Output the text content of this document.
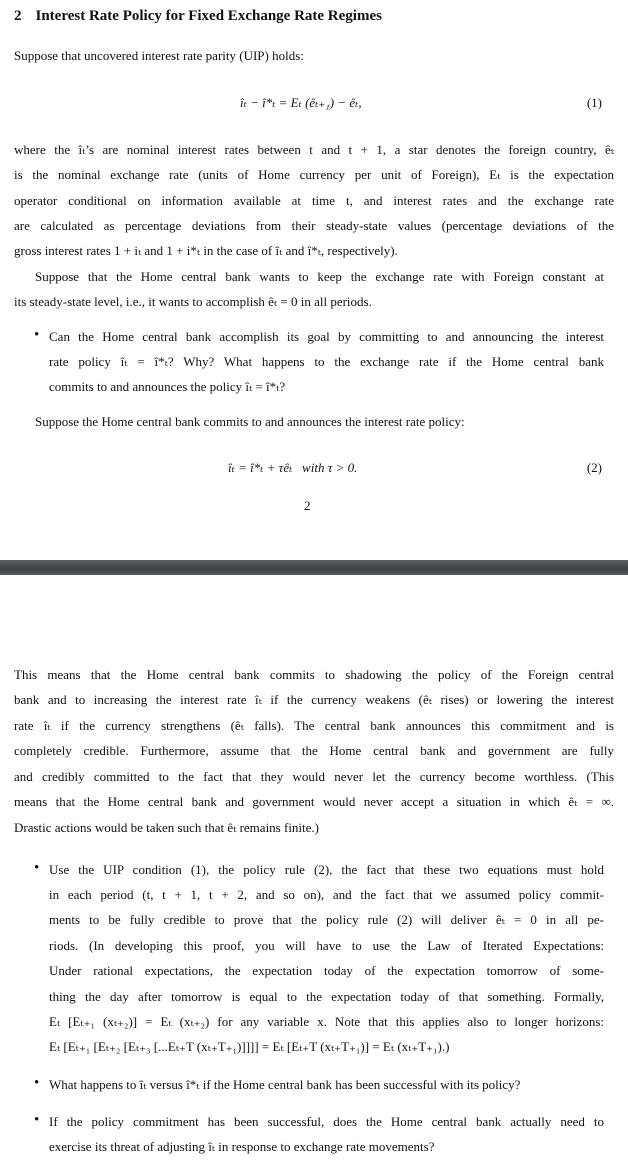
2 Interest Rate Policy for Fixed Exchange Rate Regimes
Suppose that uncovered interest rate parity (UIP) holds:
îₜ − î*ₜ = Eₜ (êₜ₊₁) − êₜ,	(1)
where the îₜ’s are nominal interest rates between t and t + 1, a star denotes the foreign country, êₜ
is the nominal exchange rate (units of Home currency per unit of Foreign), Eₜ is the expectation
operator conditional on information available at time t, and interest rates and the exchange rate
are calculated as percentage deviations from their steady-state values (percentage deviations of the
gross interest rates 1 + iₜ and 1 + i*ₜ in the case of îₜ and î*ₜ, respectively).
Suppose that the Home central bank wants to keep the exchange rate with Foreign constant at
its steady-state level, i.e., it wants to accomplish êₜ = 0 in all periods.
• Can the Home central bank accomplish its goal by committing to and announcing the interest
rate policy îₜ = î*ₜ? Why? What happens to the exchange rate if the Home central bank
commits to and announces the policy îₜ = î*ₜ?
Suppose the Home central bank commits to and announces the interest rate policy:
îₜ = î*ₜ + τêₜ   with τ > 0.	(2)
2
This means that the Home central bank commits to shadowing the policy of the Foreign central
bank and to increasing the interest rate îₜ if the currency weakens (êₜ rises) or lowering the interest
rate îₜ if the currency strengthens (êₜ falls). The central bank announces this commitment and is
completely credible. Furthermore, assume that the Home central bank and government are fully
and credibly committed to the fact that they would never let the currency become worthless. (This
means that the Home central bank and government would never accept a situation in which êₜ = ∞.
Drastic actions would be taken such that êₜ remains finite.)
• Use the UIP condition (1), the policy rule (2), the fact that these two equations must hold
in each period (t, t + 1, t + 2, and so on), and the fact that we assumed policy commit-
ments to be fully credible to prove that the policy rule (2) will deliver êₜ = 0 in all pe-
riods. (In developing this proof, you will have to use the Law of Iterated Expectations:
Under rational expectations, the expectation today of the expectation tomorrow of some-
thing the day after tomorrow is equal to the expectation today of that something. Formally,
Eₜ [Eₜ₊₁ (xₜ₊₂)] = Eₜ (xₜ₊₂) for any variable x. Note that this applies also to longer horizons:
Eₜ [Eₜ₊₁ [Eₜ₊₂ [Eₜ₊₃ [...Eₜ₊T (xₜ₊T₊₁)]]]] = Eₜ [Eₜ₊T (xₜ₊T₊₁)] = Eₜ (xₜ₊T₊₁).)
• What happens to îₜ versus î*ₜ if the Home central bank has been successful with its policy?
• If the policy commitment has been successful, does the Home central bank actually need to
exercise its threat of adjusting îₜ in response to exchange rate movements?
